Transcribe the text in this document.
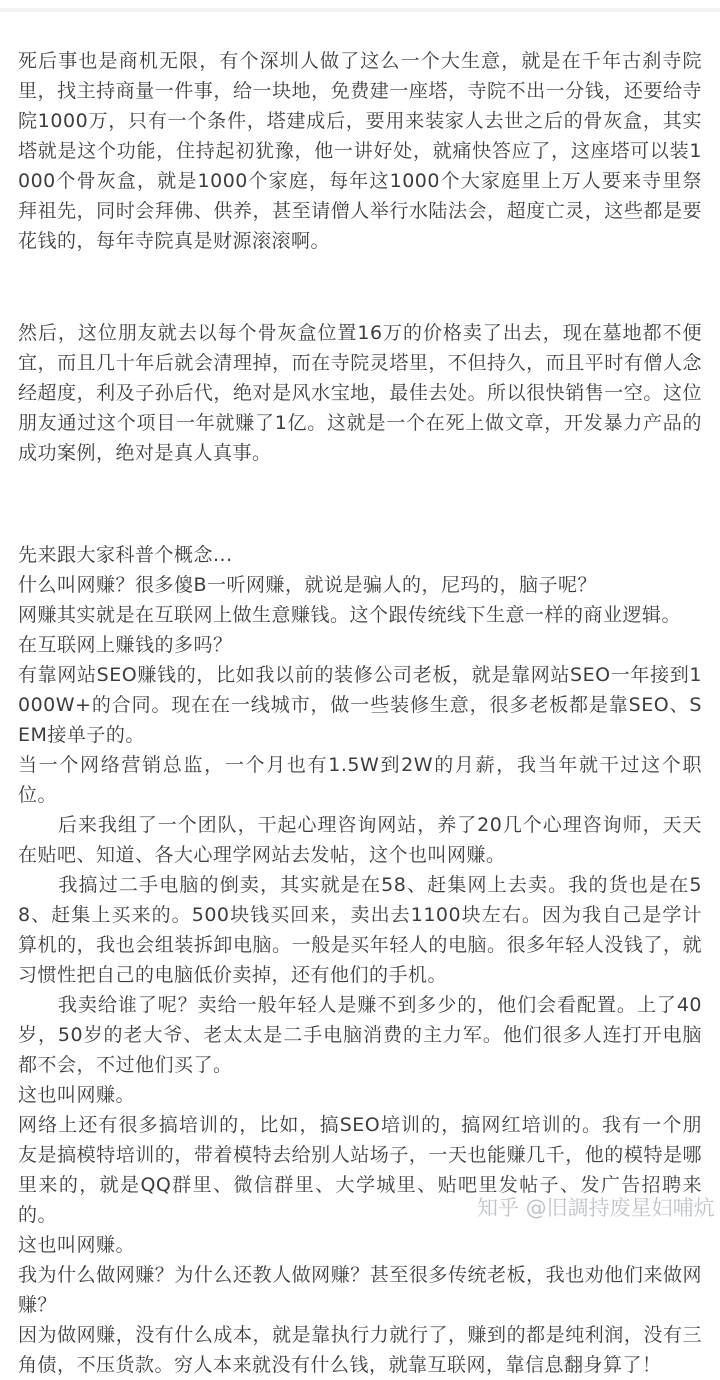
死后事也是商机无限，有个深圳人做了这么一个大生意，就是在千年古刹寺院里，找主持商量一件事，给一块地，免费建一座塔，寺院不出一分钱，还要给寺院1000万，只有一个条件，塔建成后，要用来装家人去世之后的骨灰盒，其实塔就是这个功能，住持起初犹豫，他一讲好处，就痛快答应了，这座塔可以装1000个骨灰盒，就是1000个家庭，每年这1000个大家庭里上万人要来寺里祭拜祖先，同时会拜佛、供养，甚至请僧人举行水陆法会，超度亡灵，这些都是要花钱的，每年寺院真是财源滚滚啊。

然后，这位朋友就去以每个骨灰盒位置16万的价格卖了出去，现在墓地都不便宜，而且几十年后就会清理掉，而在寺院灵塔里，不但持久，而且平时有僧人念经超度，利及子孙后代，绝对是风水宝地，最佳去处。所以很快销售一空。这位朋友通过这个项目一年就赚了1亿。这就是一个在死上做文章，开发暴力产品的成功案例，绝对是真人真事。

先来跟大家科普个概念...

什么叫网赚？很多傻B一听网赚，就说是骗人的，尼玛的，脑子呢？

网赚其实就是在互联网上做生意赚钱。这个跟传统线下生意一样的商业逻辑。

在互联网上赚钱的多吗？

有靠网站SEO赚钱的，比如我以前的装修公司老板，就是靠网站SEO一年接到1000W+的合同。现在在一线城市，做一些装修生意，很多老板都是靠SEO、SEM接单子的。

当一个网络营销总监，一个月也有1.5W到2W的月薪，我当年就干过这个职位。

　　后来我组了一个团队，干起心理咨询网站，养了20几个心理咨询师，天天在贴吧、知道、各大心理学网站去发帖，这个也叫网赚。

　　我搞过二手电脑的倒卖，其实就是在58、赶集网上去卖。我的货也是在58、赶集上买来的。500块钱买回来，卖出去1100块左右。因为我自己是学计算机的，我也会组装拆卸电脑。一般是买年轻人的电脑。很多年轻人没钱了，就习惯性把自己的电脑低价卖掉，还有他们的手机。

　　我卖给谁了呢？卖给一般年轻人是赚不到多少的，他们会看配置。上了40岁，50岁的老大爷、老太太是二手电脑消费的主力军。他们很多人连打开电脑都不会，不过他们买了。

这也叫网赚。

网络上还有很多搞培训的，比如，搞SEO培训的，搞网红培训的。我有一个朋友是搞模特培训的，带着模特去给别人站场子，一天也能赚几千，他的模特是哪里来的，就是QQ群里、微信群里、大学城里、贴吧里发帖子、发广告招聘来的。

这也叫网赚。

我为什么做网赚？为什么还教人做网赚？甚至很多传统老板，我也劝他们来做网赚？

因为做网赚，没有什么成本，就是靠执行力就行了，赚到的都是纯利润，没有三角债，不压货款。穷人本来就没有什么钱，就靠互联网，靠信息翻身算了！

知乎 @旧調持废星妇哺炕
